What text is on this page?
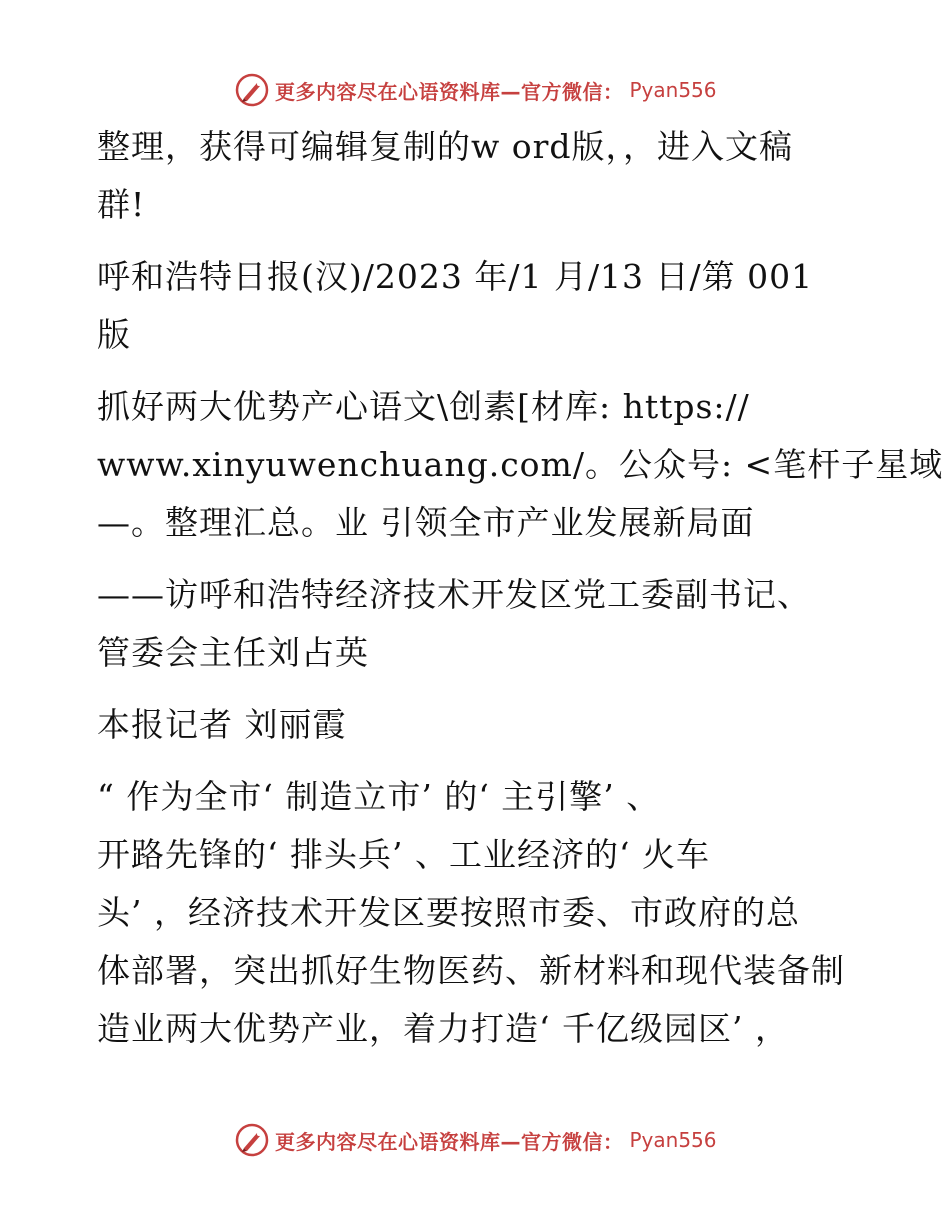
更多内容尽在心语资料库—官方微信： Pyan556

整理，获得可编辑复制的w ord版，，进入文稿
群!

呼和浩特日报(汉)/2023 年/1 月/13 日/第 001
版

抓好两大优势产心语文\创素[材库: https://
www.xinyuwenchuang.com/。公众号: <笔杆子星域
—。整理汇总。业 引领全市产业发展新局面

——访呼和浩特经济技术开发区党工委副书记、
管委会主任刘占英

本报记者 刘丽霞

“ 作为全市‘ 制造立市’ 的‘ 主引擎’ 、
开路先锋的‘ 排头兵’ 、工业经济的‘ 火车
头’ ，经济技术开发区要按照市委、市政府的总
体部署，突出抓好生物医药、新材料和现代装备制
造业两大优势产业，着力打造‘ 千亿级园区’ ，

更多内容尽在心语资料库—官方微信： Pyan556
